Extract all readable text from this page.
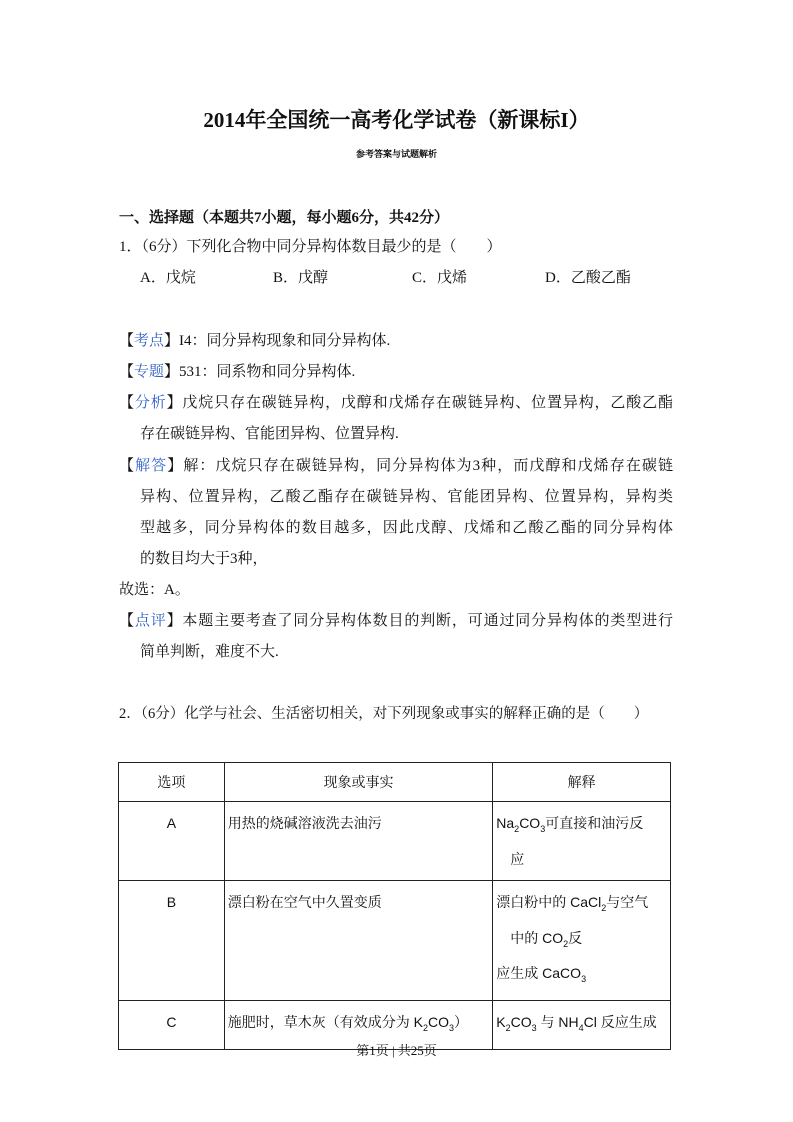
2014年全国统一高考化学试卷（新课标I）
参考答案与试题解析
一、选择题（本题共7小题，每小题6分，共42分）
1．（6分）下列化合物中同分异构体数目最少的是（　　）
A．戊烷	B．戊醇	C．戊烯	D．乙酸乙酯
【考点】I4：同分异构现象和同分异构体.
【专题】531：同系物和同分异构体.
【分析】戊烷只存在碳链异构，戊醇和戊烯存在碳链异构、位置异构，乙酸乙酯
存在碳链异构、官能团异构、位置异构.
【解答】解：戊烷只存在碳链异构，同分异构体为3种，而戊醇和戊烯存在碳链
异构、位置异构，乙酸乙酯存在碳链异构、官能团异构、位置异构，异构类
型越多，同分异构体的数目越多，因此戊醇、戊烯和乙酸乙酯的同分异构体
的数目均大于3种，
故选：A。
【点评】本题主要考查了同分异构体数目的判断，可通过同分异构体的类型进行
简单判断，难度不大.
2．（6分）化学与社会、生活密切相关，对下列现象或事实的解释正确的是（　　）
选项	现象或事实	解释
A	用热的烧碱溶液洗去油污	$Na_2CO_3$可直接和油污反
　应

B	漂白粉在空气中久置变质	漂白粉中的 CaCl$_2$与空气
　中的 $CO_2$反
应生成 CaCO$_3$

C	施肥时，草木灰（有效成分为 $K_2CO_3$）	$K_2CO_3$ 与 $NH_4Cl$ 反应生成
第1页 | 共25页
